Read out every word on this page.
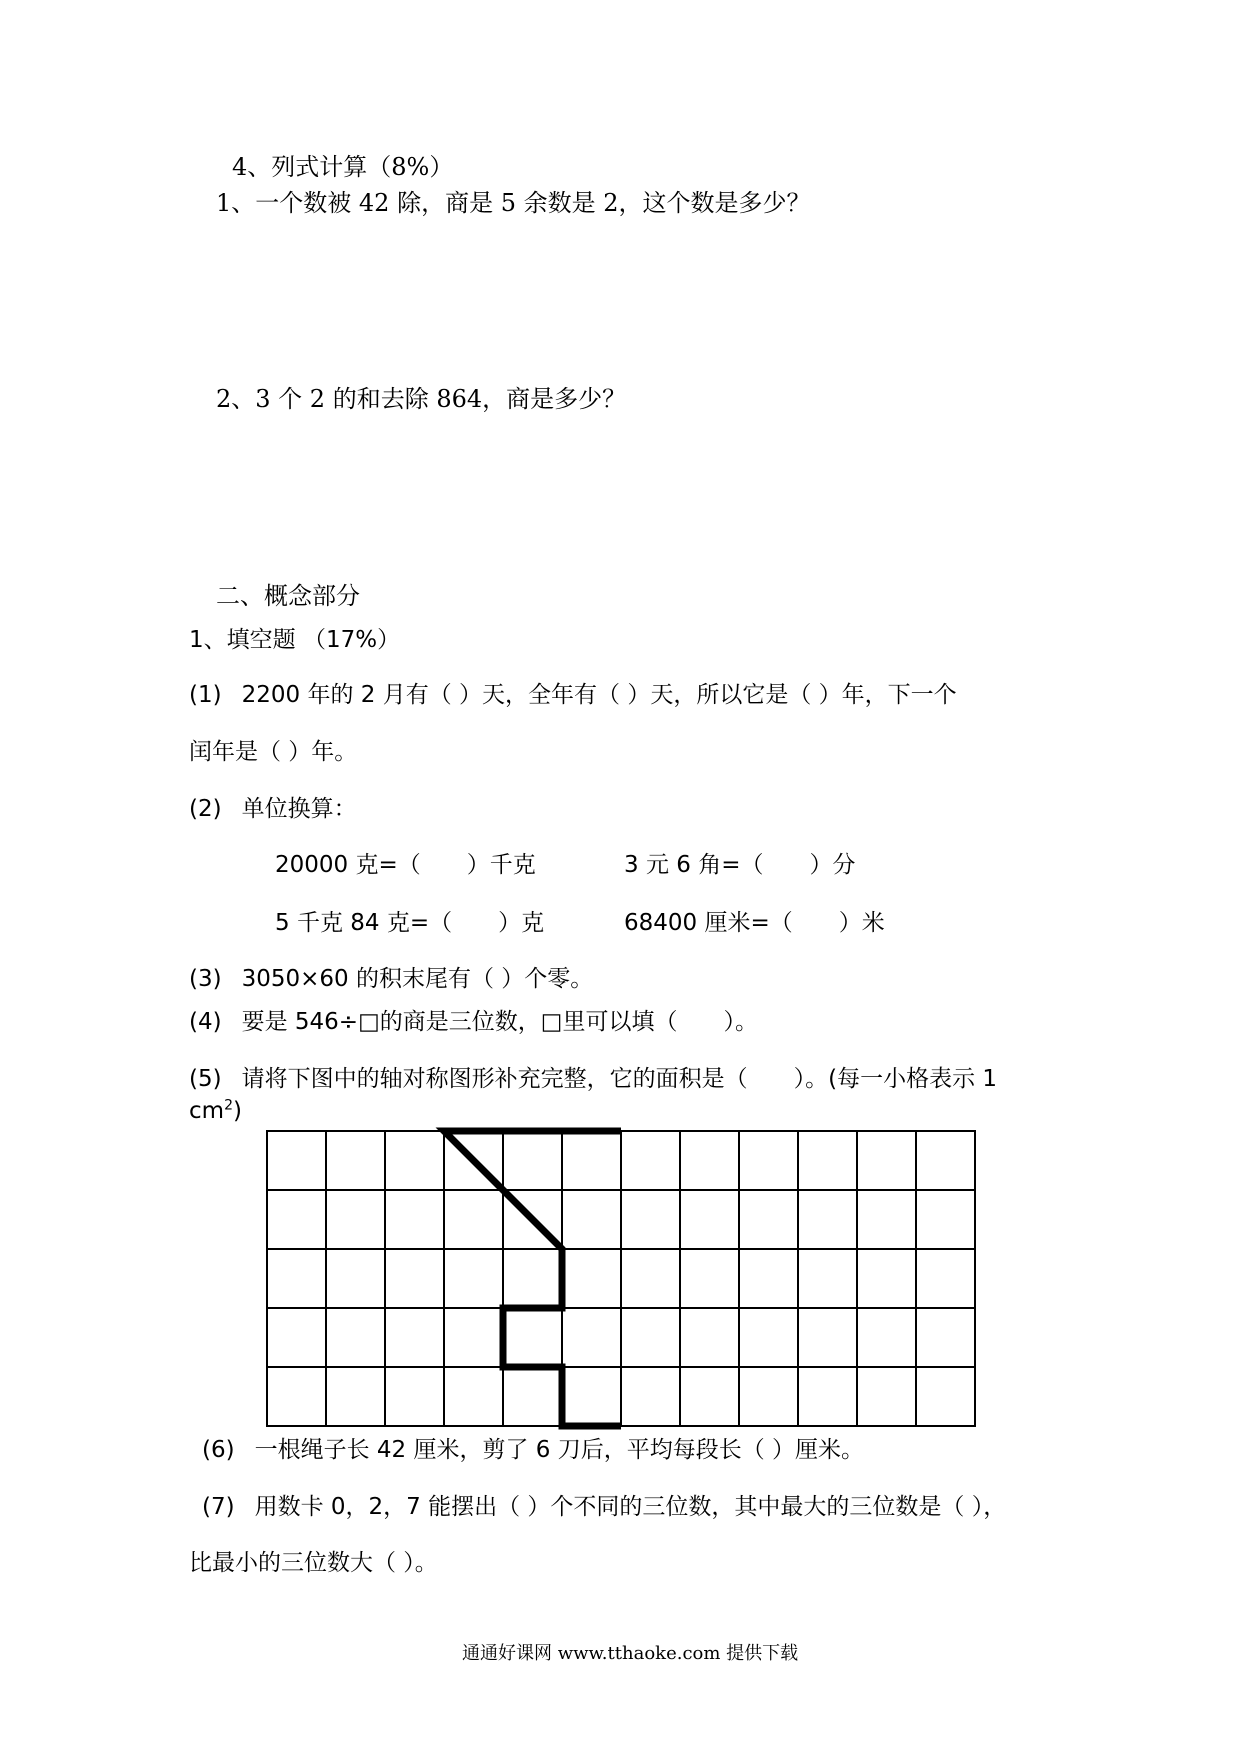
4、列式计算（8%）
1、一个数被 42 除，商是 5 余数是 2，这个数是多少？
2、3 个 2 的和去除 864，商是多少？
二、概念部分
1、填空题 （17%）
(1) 2200 年的 2 月有（ ）天，全年有（ ）天，所以它是（ ）年，下一个
闰年是（ ）年。
(2) 单位换算：
20000 克=（　　）千克	3 元 6 角=（　　）分
5 千克 84 克=（　　）克	68400 厘米=（　　）米
(3) 3050×60 的积末尾有（ ）个零。
(4) 要是 546÷□的商是三位数，□里可以填（　　）。
(5) 请将下图中的轴对称图形补充完整，它的面积是（　　）。(每一小格表示 1
$cm^2$)
(6) 一根绳子长 42 厘米，剪了 6 刀后，平均每段长（ ）厘米。
(7) 用数卡 0，2，7 能摆出（ ）个不同的三位数，其中最大的三位数是（ ），
比最小的三位数大（ ）。
通通好课网 www.tthaoke.com 提供下载
